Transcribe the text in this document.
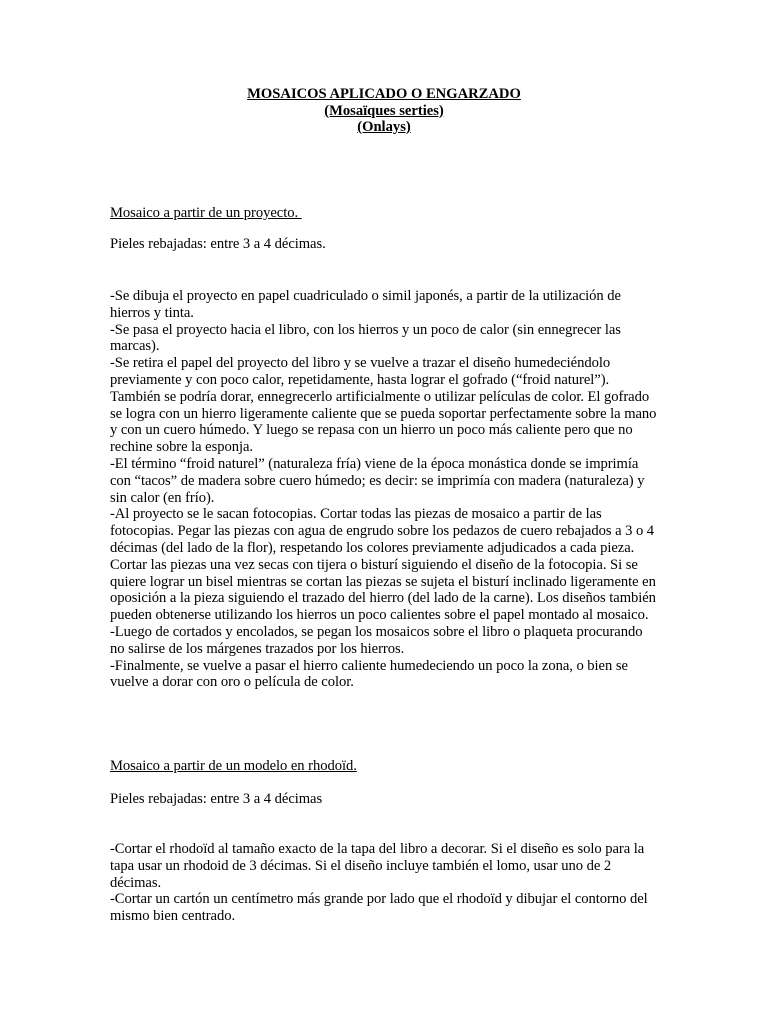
MOSAICOS APLICADO O ENGARZADO
(Mosaïques serties)
(Onlays)
Mosaico a partir de un proyecto.
Pieles rebajadas: entre 3 a 4 décimas.

-Se dibuja el proyecto en papel cuadriculado o simil japonés, a partir de la utilización de hierros y tinta.

-Se pasa el proyecto hacia el libro, con los hierros y un poco de calor (sin ennegrecer las marcas).

-Se retira el papel del proyecto del libro y se vuelve a trazar el diseño humedeciéndolo previamente y con poco calor, repetidamente, hasta lograr el gofrado (“froid naturel”). También se podría dorar, ennegrecerlo artificialmente o utilizar películas de color. El gofrado se logra con un hierro ligeramente caliente que se pueda soportar perfectamente sobre la mano y con un cuero húmedo. Y luego se repasa con un hierro un poco más caliente pero que no rechine sobre la esponja.

-El término “froid naturel” (naturaleza fría) viene de la época monástica donde se imprimía con “tacos” de madera sobre cuero húmedo; es decir: se imprimía con madera (naturaleza) y sin calor (en frío).

-Al proyecto se le sacan fotocopias. Cortar todas las piezas de mosaico a partir de las fotocopias. Pegar las piezas con agua de engrudo sobre los pedazos de cuero rebajados a 3 o 4 décimas (del lado de la flor), respetando los colores previamente adjudicados a cada pieza. Cortar las piezas una vez secas con tijera o bisturí siguiendo el diseño de la fotocopia. Si se quiere lograr un bisel mientras se cortan las piezas se sujeta el bisturí inclinado ligeramente en oposición a la pieza siguiendo el trazado del hierro (del lado de la carne). Los diseños también pueden obtenerse utilizando los hierros un poco calientes sobre el papel montado al mosaico.

-Luego de cortados y encolados, se pegan los mosaicos sobre el libro o plaqueta procurando no salirse de los márgenes trazados por los hierros.

-Finalmente, se vuelve a pasar el hierro caliente humedeciendo un poco la zona, o bien se vuelve a dorar con oro o película de color.

Mosaico a partir de un modelo en rhodoïd.
Pieles rebajadas: entre 3 a 4 décimas

-Cortar el rhodoïd al tamaño exacto de la tapa del libro a decorar. Si el diseño es solo para la tapa usar un rhodoid de 3 décimas. Si el diseño incluye también el lomo, usar uno de 2 décimas.

-Cortar un cartón un centímetro más grande por lado que el rhodoïd y dibujar el contorno del mismo bien centrado.
